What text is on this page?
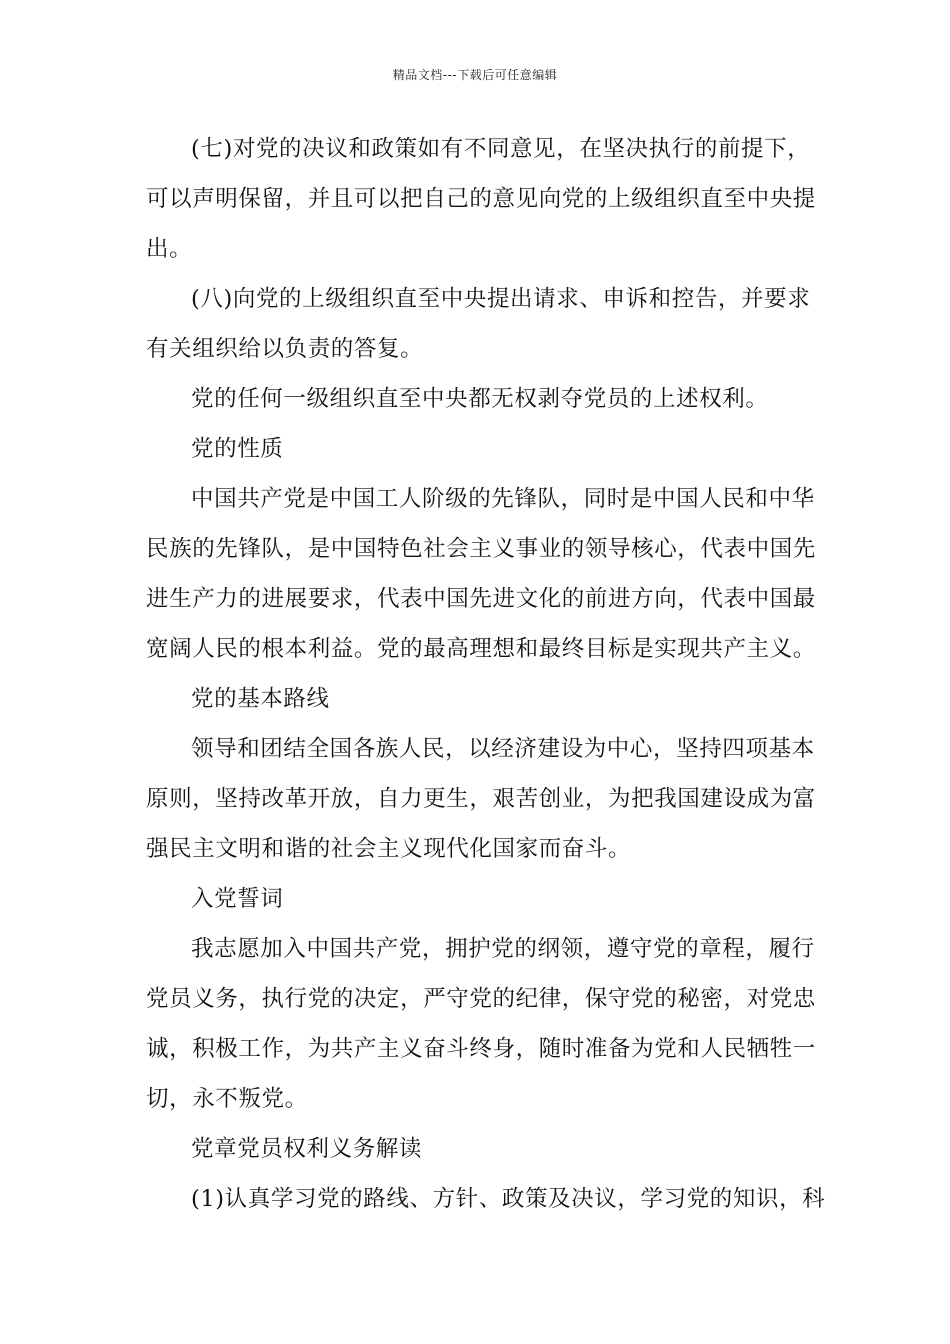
精品文档---下载后可任意编辑

(七)对党的决议和政策如有不同意见，在坚决执行的前提下，
可以声明保留，并且可以把自己的意见向党的上级组织直至中央提
出。

(八)向党的上级组织直至中央提出请求、申诉和控告，并要求
有关组织给以负责的答复。

党的任何一级组织直至中央都无权剥夺党员的上述权利。

党的性质

中国共产党是中国工人阶级的先锋队，同时是中国人民和中华
民族的先锋队，是中国特色社会主义事业的领导核心，代表中国先
进生产力的进展要求，代表中国先进文化的前进方向，代表中国最
宽阔人民的根本利益。党的最高理想和最终目标是实现共产主义。

党的基本路线

领导和团结全国各族人民，以经济建设为中心，坚持四项基本
原则，坚持改革开放，自力更生，艰苦创业，为把我国建设成为富
强民主文明和谐的社会主义现代化国家而奋斗。

入党誓词

我志愿加入中国共产党，拥护党的纲领，遵守党的章程，履行
党员义务，执行党的决定，严守党的纪律，保守党的秘密，对党忠
诚，积极工作，为共产主义奋斗终身，随时准备为党和人民牺牲一
切，永不叛党。

党章党员权利义务解读

(1)认真学习党的路线、方针、政策及决议，学习党的知识，科
